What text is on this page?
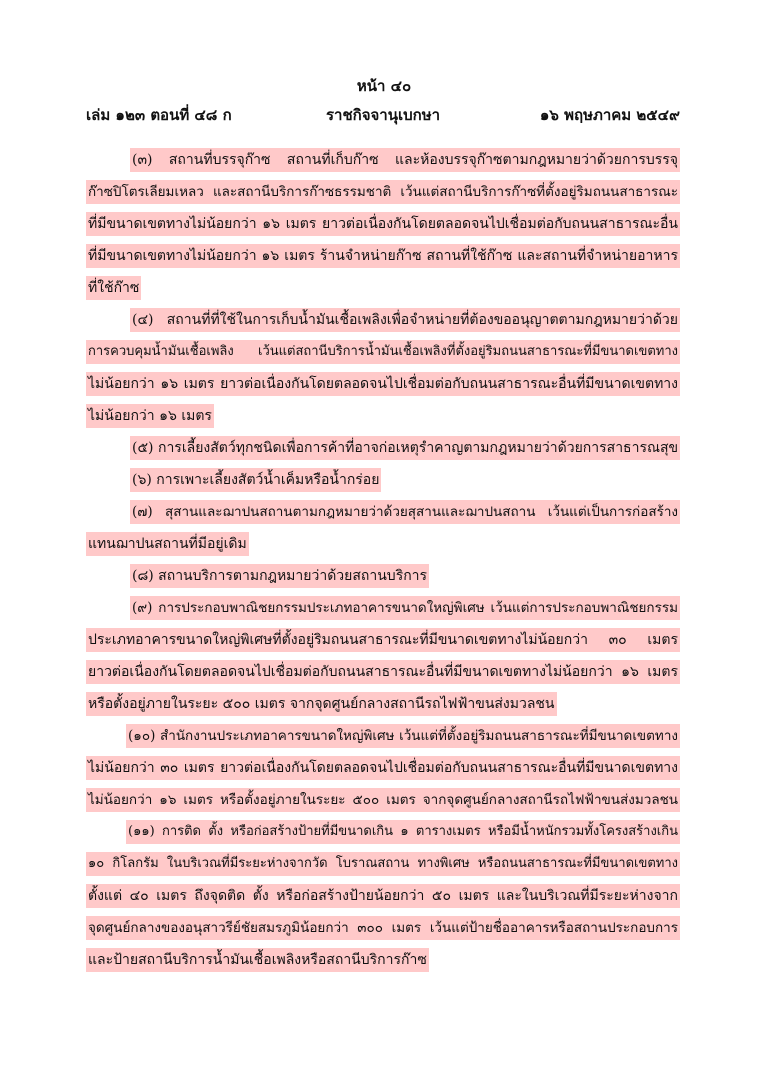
หน้า ๔๐
เล่ม ๑๒๓ ตอนที่ ๔๘ ก	ราชกิจจานุเบกษา	๑๖ พฤษภาคม ๒๕๔๙
(๓) สถานที่บรรจุก๊าซ สถานที่เก็บก๊าซ และห้องบรรจุก๊าซตามกฎหมายว่าด้วยการบรรจุ
ก๊าซปิโตรเลียมเหลว และสถานีบริการก๊าซธรรมชาติ เว้นแต่สถานีบริการก๊าซที่ตั้งอยู่ริมถนนสาธารณะ
ที่มีขนาดเขตทางไม่น้อยกว่า ๑๖ เมตร ยาวต่อเนื่องกันโดยตลอดจนไปเชื่อมต่อกับถนนสาธารณะอื่น
ที่มีขนาดเขตทางไม่น้อยกว่า ๑๖ เมตร ร้านจำหน่ายก๊าซ สถานที่ใช้ก๊าซ และสถานที่จำหน่ายอาหาร
ที่ใช้ก๊าซ
(๔) สถานที่ที่ใช้ในการเก็บน้ำมันเชื้อเพลิงเพื่อจำหน่ายที่ต้องขออนุญาตตามกฎหมายว่าด้วย
การควบคุมน้ำมันเชื้อเพลิง เว้นแต่สถานีบริการน้ำมันเชื้อเพลิงที่ตั้งอยู่ริมถนนสาธารณะที่มีขนาดเขตทาง
ไม่น้อยกว่า ๑๖ เมตร ยาวต่อเนื่องกันโดยตลอดจนไปเชื่อมต่อกับถนนสาธารณะอื่นที่มีขนาดเขตทาง
ไม่น้อยกว่า ๑๖ เมตร
(๕) การเลี้ยงสัตว์ทุกชนิดเพื่อการค้าที่อาจก่อเหตุรำคาญตามกฎหมายว่าด้วยการสาธารณสุข
(๖) การเพาะเลี้ยงสัตว์น้ำเค็มหรือน้ำกร่อย
(๗) สุสานและฌาปนสถานตามกฎหมายว่าด้วยสุสานและฌาปนสถาน เว้นแต่เป็นการก่อสร้าง
แทนฌาปนสถานที่มีอยู่เดิม
(๘) สถานบริการตามกฎหมายว่าด้วยสถานบริการ
(๙) การประกอบพาณิชยกรรมประเภทอาคารขนาดใหญ่พิเศษ เว้นแต่การประกอบพาณิชยกรรม
ประเภทอาคารขนาดใหญ่พิเศษที่ตั้งอยู่ริมถนนสาธารณะที่มีขนาดเขตทางไม่น้อยกว่า ๓๐ เมตร
ยาวต่อเนื่องกันโดยตลอดจนไปเชื่อมต่อกับถนนสาธารณะอื่นที่มีขนาดเขตทางไม่น้อยกว่า ๑๖ เมตร
หรือตั้งอยู่ภายในระยะ ๕๐๐ เมตร จากจุดศูนย์กลางสถานีรถไฟฟ้าขนส่งมวลชน
(๑๐) สำนักงานประเภทอาคารขนาดใหญ่พิเศษ เว้นแต่ที่ตั้งอยู่ริมถนนสาธารณะที่มีขนาดเขตทาง
ไม่น้อยกว่า ๓๐ เมตร ยาวต่อเนื่องกันโดยตลอดจนไปเชื่อมต่อกับถนนสาธารณะอื่นที่มีขนาดเขตทาง
ไม่น้อยกว่า ๑๖ เมตร หรือตั้งอยู่ภายในระยะ ๕๐๐ เมตร จากจุดศูนย์กลางสถานีรถไฟฟ้าขนส่งมวลชน
(๑๑) การติด ตั้ง หรือก่อสร้างป้ายที่มีขนาดเกิน ๑ ตารางเมตร หรือมีน้ำหนักรวมทั้งโครงสร้างเกิน
๑๐ กิโลกรัม ในบริเวณที่มีระยะห่างจากวัด โบราณสถาน ทางพิเศษ หรือถนนสาธารณะที่มีขนาดเขตทาง
ตั้งแต่ ๔๐ เมตร ถึงจุดติด ตั้ง หรือก่อสร้างป้ายน้อยกว่า ๕๐ เมตร และในบริเวณที่มีระยะห่างจาก
จุดศูนย์กลางของอนุสาวรีย์ชัยสมรภูมิน้อยกว่า ๓๐๐ เมตร เว้นแต่ป้ายชื่ออาคารหรือสถานประกอบการ
และป้ายสถานีบริการน้ำมันเชื้อเพลิงหรือสถานีบริการก๊าซ
